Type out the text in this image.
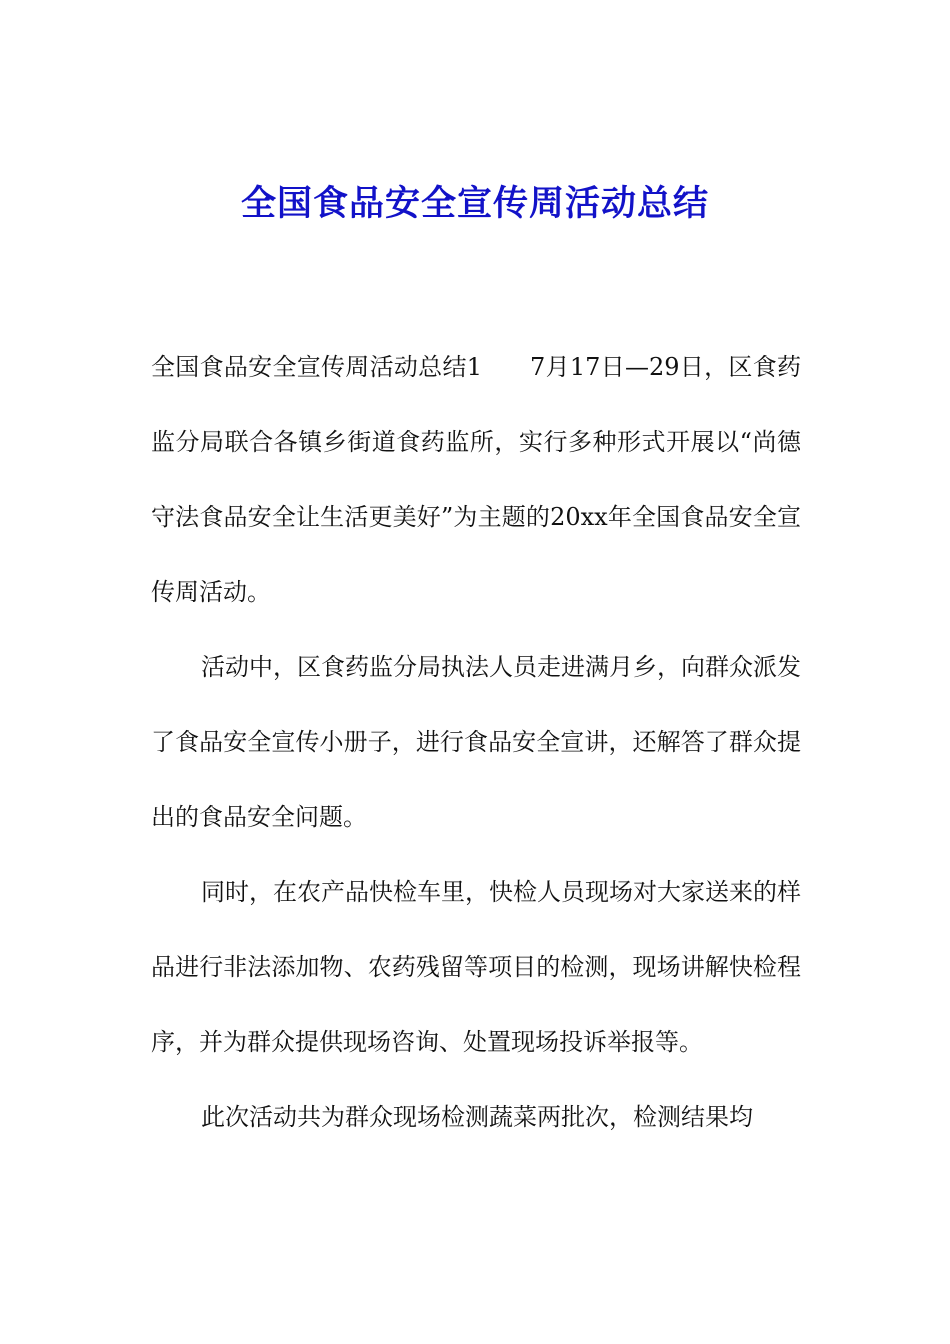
全国食品安全宣传周活动总结

全国食品安全宣传周活动总结1 7月17日—29日，区食药监分局联合各镇乡街道食药监所，实行多种形式开展以“尚德守法食品安全让生活更美好”为主题的20xx年全国食品安全宣传周活动。

活动中，区食药监分局执法人员走进满月乡，向群众派发了食品安全宣传小册子，进行食品安全宣讲，还解答了群众提出的食品安全问题。

同时，在农产品快检车里，快检人员现场对大家送来的样品进行非法添加物、农药残留等项目的检测，现场讲解快检程序，并为群众提供现场咨询、处置现场投诉举报等。

此次活动共为群众现场检测蔬菜两批次，检测结果均
